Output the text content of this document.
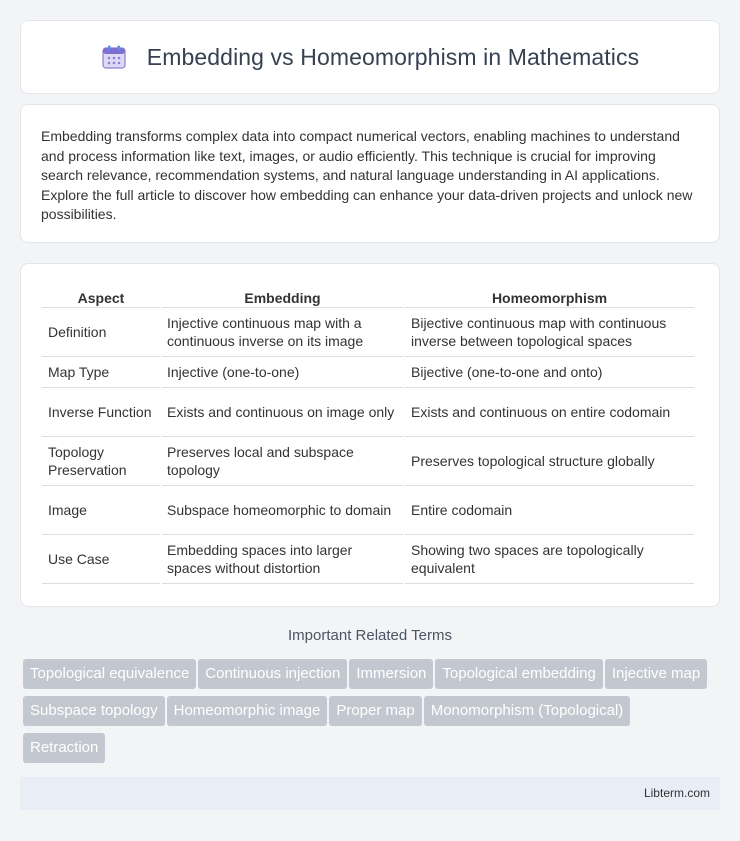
Embedding vs Homeomorphism in Mathematics

Embedding transforms complex data into compact numerical vectors, enabling machines to understand and process information like text, images, or audio efficiently. This technique is crucial for improving search relevance, recommendation systems, and natural language understanding in AI applications. Explore the full article to discover how embedding can enhance your data-driven projects and unlock new possibilities.

Aspect	Embedding	Homeomorphism
Definition	Injective continuous map with a continuous inverse on its image	Bijective continuous map with continuous inverse between topological spaces
Map Type	Injective (one-to-one)	Bijective (one-to-one and onto)
Inverse Function	Exists and continuous on image only	Exists and continuous on entire codomain
Topology Preservation	Preserves local and subspace topology	Preserves topological structure globally
Image	Subspace homeomorphic to domain	Entire codomain
Use Case	Embedding spaces into larger spaces without distortion	Showing two spaces are topologically equivalent
Important Related Terms
Topological equivalence Continuous injection Immersion Topological embedding Injective mapSubspace topology Homeomorphic image Proper map Monomorphism (Topological)Retraction
Libterm.com
